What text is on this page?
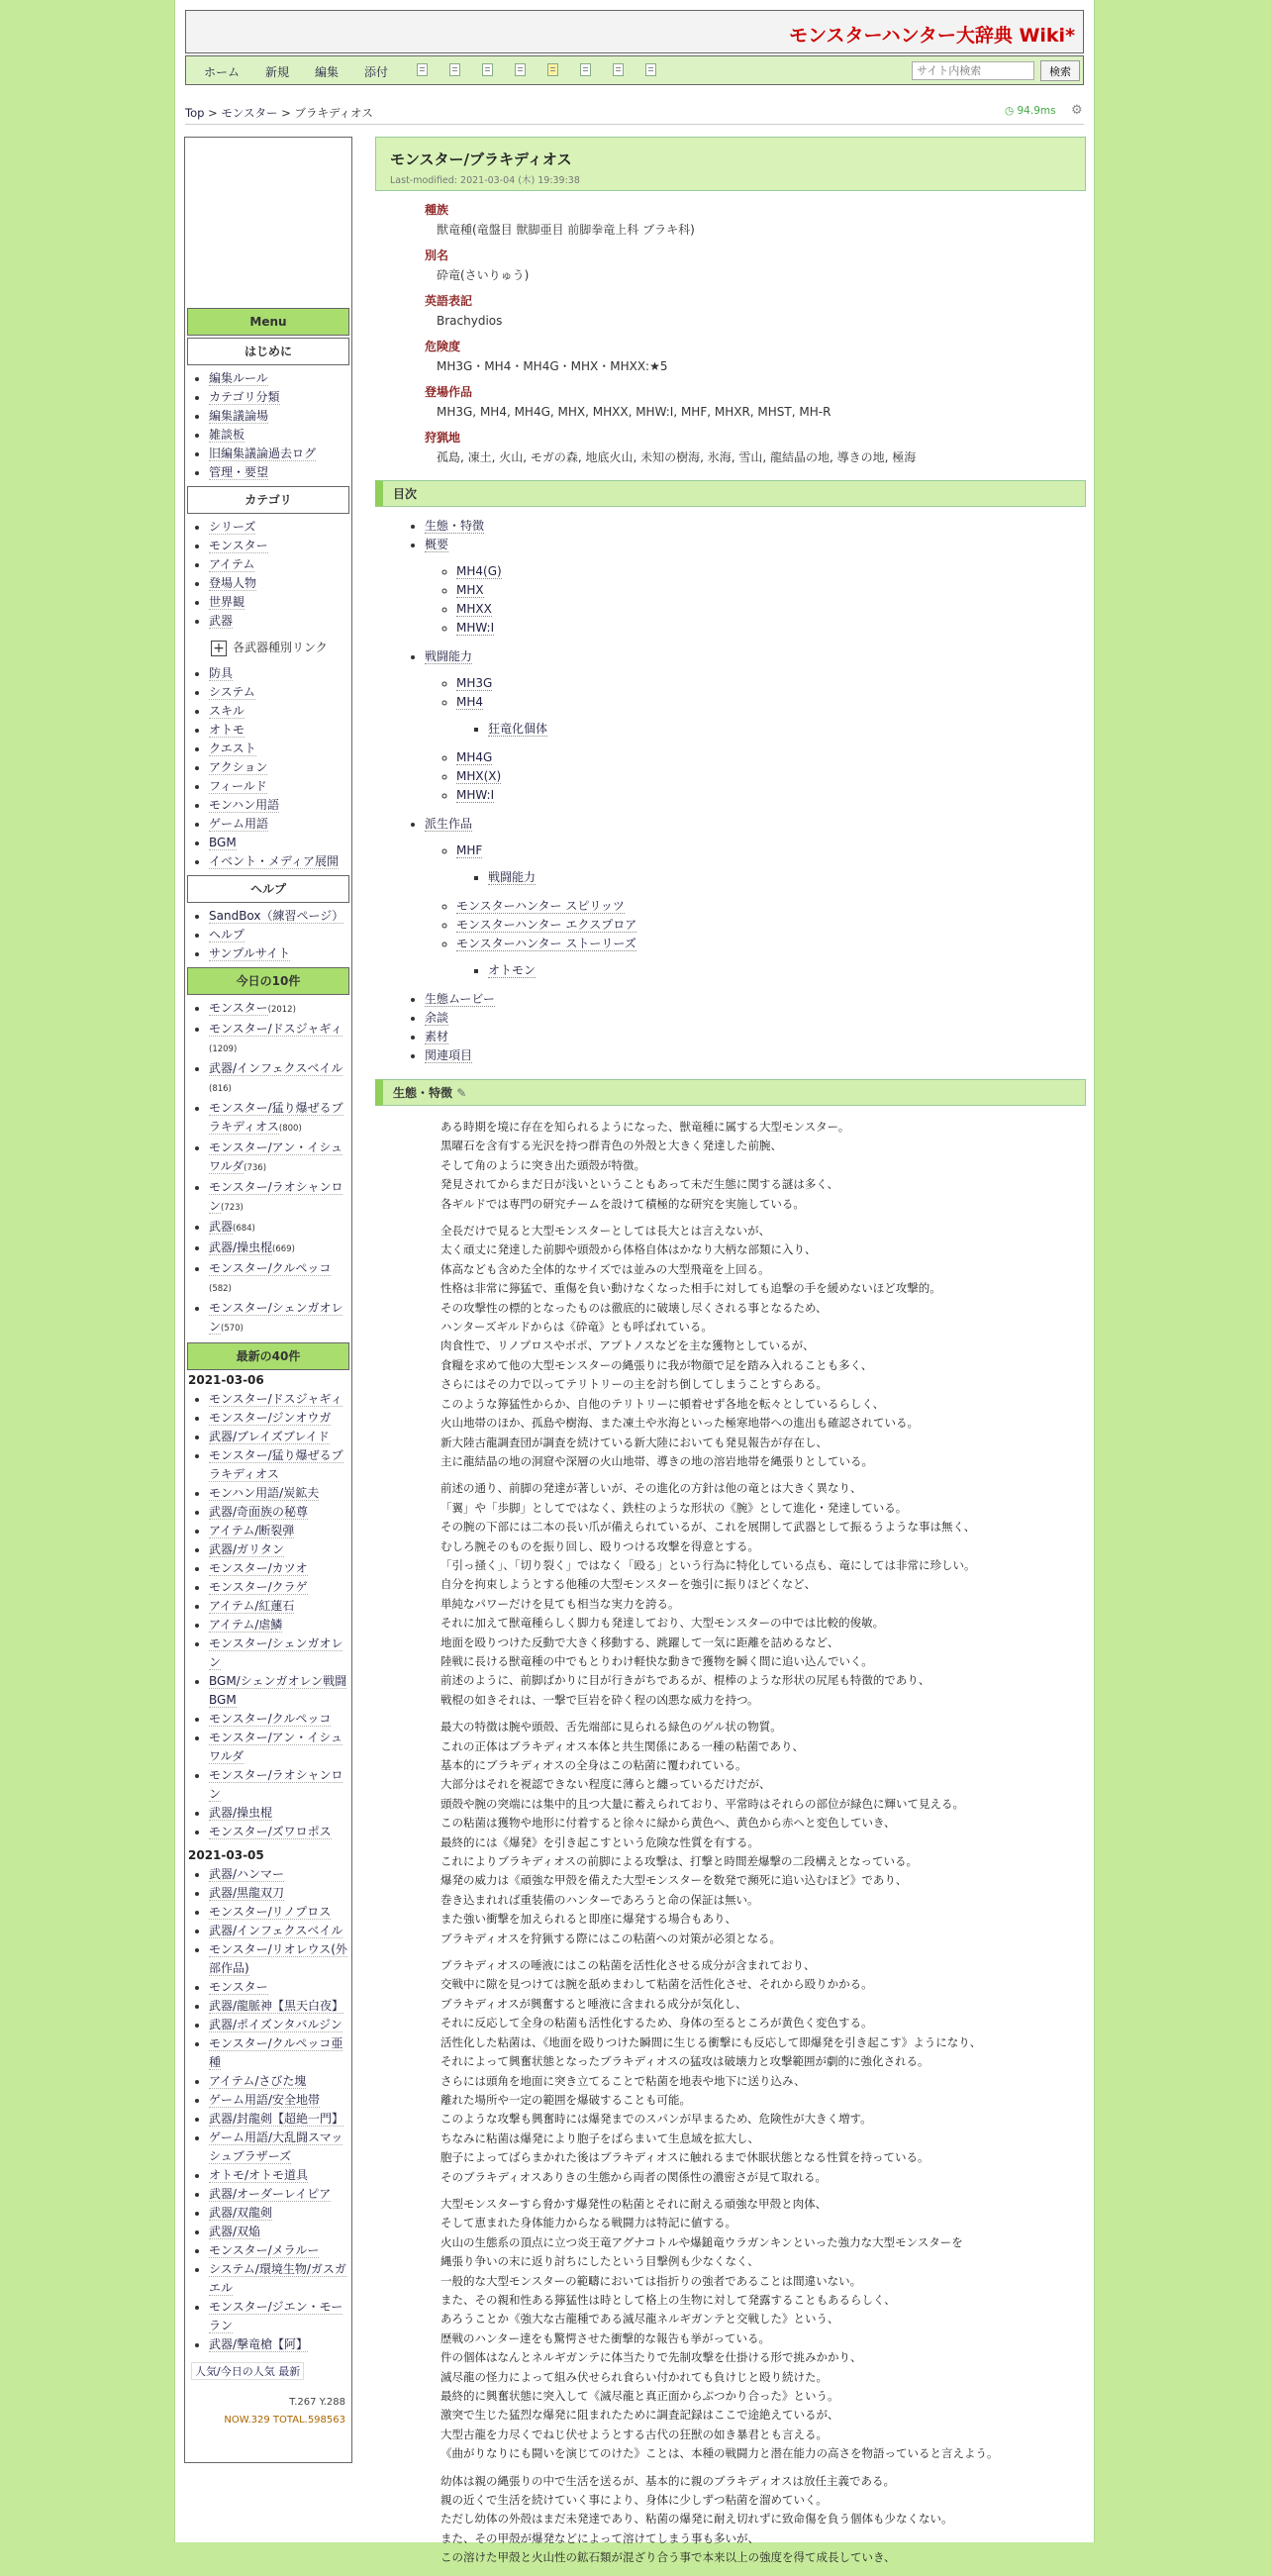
モンスターハンター大辞典 Wiki*
ホーム 新規 編集 添付
サイト内検索	検索
Top > モンスター > ブラキディオス	◷ 94.9ms ⚙
Menu
はじめに
• 編集ルール
• カテゴリ分類
• 編集議論場
• 雑談板
• 旧編集議論過去ログ
• 管理・要望
カテゴリ
• シリーズ
• モンスター
• アイテム
• 登場人物
• 世界観
• 武器
+ 各武器種別リンク
• 防具
• システム
• スキル
• オトモ
• クエスト
• アクション
• フィールド
• モンハン用語
• ゲーム用語
• BGM
• イベント・メディア展開
ヘルプ
• SandBox（練習ページ）
• ヘルプ
• サンプルサイト
今日の10件
• モンスター(2012)
• モンスター/ドスジャギィ(1209)
• 武器/インフェクスベイル(816)
• モンスター/猛り爆ぜるブラキディオス(800)
• モンスター/アン・イシュワルダ(736)
• モンスター/ラオシャンロン(723)
• 武器(684)
• 武器/操虫棍(669)
• モンスター/クルペッコ(582)
• モンスター/シェンガオレン(570)
最新の40件
2021-03-06
• モンスター/ドスジャギィ
• モンスター/ジンオウガ
• 武器/ブレイズブレイド
• モンスター/猛り爆ぜるブラキディオス
• モンハン用語/炭鉱夫
• 武器/奇面族の秘尊
• アイテム/断裂弾
• 武器/ガリタン
• モンスター/カツオ
• モンスター/クラゲ
• アイテム/紅蓮石
• アイテム/虐鱗
• モンスター/シェンガオレン
• BGM/シェンガオレン戦闘BGM
• モンスター/クルペッコ
• モンスター/アン・イシュワルダ
• モンスター/ラオシャンロン
• 武器/操虫棍
• モンスター/ズワロポス
2021-03-05
• 武器/ハンマー
• 武器/黒龍双刀
• モンスター/リノプロス
• 武器/インフェクスベイル
• モンスター/リオレウス(外部作品)
• モンスター
• 武器/龍脈神【黒天白夜】
• 武器/ポイズンタバルジン
• モンスター/クルペッコ亜種
• アイテム/さびた塊
• ゲーム用語/安全地帯
• 武器/封龍剣【超絶一門】
• ゲーム用語/大乱闘スマッシュブラザーズ
• オトモ/オトモ道具
• 武器/オーダーレイピア
• 武器/双龍剣
• 武器/双焔
• モンスター/メラルー
• システム/環境生物/ガスガエル
• モンスター/ジエン・モーラン
• 武器/撃竜槍【阿】
人気/今日の人気 最新
T.267 Y.288
NOW.329 TOTAL.598563
モンスター/ブラキディオス
Last-modified: 2021-03-04 (木) 19:39:38
種族
獣竜種(竜盤目 獣脚亜目 前脚拳竜上科 ブラキ科)
別名
砕竜(さいりゅう)
英語表記
Brachydios
危険度
MH3G・MH4・MH4G・MHX・MHXX:★5
登場作品
MH3G, MH4, MH4G, MHX, MHXX, MHW:I, MHF, MHXR, MHST, MH-R
狩猟地
孤島, 凍土, 火山, モガの森, 地底火山, 未知の樹海, 氷海, 雪山, 龍結晶の地, 導きの地, 極海
目次
• 生態・特徴
• 概要
◦ MH4(G)
◦ MHX
◦ MHXX
◦ MHW:I
• 戦闘能力
◦ MH3G
◦ MH4
▪ 狂竜化個体
◦ MH4G
◦ MHX(X)
◦ MHW:I
• 派生作品
◦ MHF
▪ 戦闘能力
◦ モンスターハンター スピリッツ
◦ モンスターハンター エクスプロア
◦ モンスターハンター ストーリーズ
▪ オトモン
• 生態ムービー
• 余談
• 素材
• 関連項目
生態・特徴 ✎

ある時期を境に存在を知られるようになった、獣竜種に属する大型モンスター。
黒曜石を含有する光沢を持つ群青色の外殻と大きく発達した前腕、
そして角のように突き出た頭殻が特徴。
発見されてからまだ日が浅いということもあって未だ生態に関する謎は多く、
各ギルドでは専門の研究チームを設けて積極的な研究を実施している。

全長だけで見ると大型モンスターとしては長大とは言えないが、
太く頑丈に発達した前脚や頭殻から体格自体はかなり大柄な部類に入り、
体高なども含めた全体的なサイズでは並みの大型飛竜を上回る。
性格は非常に獰猛で、重傷を負い動けなくなった相手に対しても追撃の手を緩めないほど攻撃的。
その攻撃性の標的となったものは徹底的に破壊し尽くされる事となるため、
ハンターズギルドからは《砕竜》とも呼ばれている。
肉食性で、リノプロスやポポ、アプトノスなどを主な獲物としているが、
食糧を求めて他の大型モンスターの縄張りに我が物顔で足を踏み入れることも多く、
さらにはその力で以ってテリトリーの主を討ち倒してしまうことすらある。
このような獰猛性からか、自他のテリトリーに頓着せず各地を転々としているらしく、
火山地帯のほか、孤島や樹海、また凍土や氷海といった極寒地帯への進出も確認されている。
新大陸古龍調査団が調査を続けている新大陸においても発見報告が存在し、
主に龍結晶の地の洞窟や深層の火山地帯、導きの地の溶岩地帯を縄張りとしている。

前述の通り、前脚の発達が著しいが、その進化の方針は他の竜とは大きく異なり、
「翼」や「歩脚」としてではなく、鉄柱のような形状の《腕》として進化・発達している。
その腕の下部には二本の長い爪が備えられているが、これを展開して武器として振るうような事は無く、
むしろ腕そのものを振り回し、殴りつける攻撃を得意とする。
「引っ掻く」、「切り裂く」ではなく「殴る」という行為に特化している点も、竜にしては非常に珍しい。
自分を拘束しようとする他種の大型モンスターを強引に振りほどくなど、
単純なパワーだけを見ても相当な実力を誇る。
それに加えて獣竜種らしく脚力も発達しており、大型モンスターの中では比較的俊敏。
地面を殴りつけた反動で大きく移動する、跳躍して一気に距離を詰めるなど、
陸戦に長ける獣竜種の中でもとりわけ軽快な動きで獲物を瞬く間に追い込んでいく。
前述のように、前脚ばかりに目が行きがちであるが、棍棒のような形状の尻尾も特徴的であり、
戦棍の如きそれは、一撃で巨岩を砕く程の凶悪な威力を持つ。

最大の特徴は腕や頭殻、舌先端部に見られる緑色のゲル状の物質。
これの正体はブラキディオス本体と共生関係にある一種の粘菌であり、
基本的にブラキディオスの全身はこの粘菌に覆われている。
大部分はそれを視認できない程度に薄らと纏っているだけだが、
頭殻や腕の突端には集中的且つ大量に蓄えられており、平常時はそれらの部位が緑色に輝いて見える。
この粘菌は獲物や地形に付着すると徐々に緑から黄色へ、黄色から赤へと変色していき、
最終的には《爆発》を引き起こすという危険な性質を有する。
これによりブラキディオスの前脚による攻撃は、打撃と時間差爆撃の二段構えとなっている。
爆発の威力は《頑強な甲殻を備えた大型モンスターを数発で瀕死に追い込むほど》であり、
巻き込まれれば重装備のハンターであろうと命の保証は無い。
また強い衝撃を加えられると即座に爆発する場合もあり、
ブラキディオスを狩猟する際にはこの粘菌への対策が必須となる。

ブラキディオスの唾液にはこの粘菌を活性化させる成分が含まれており、
交戦中に隙を見つけては腕を舐めまわして粘菌を活性化させ、それから殴りかかる。
ブラキディオスが興奮すると唾液に含まれる成分が気化し、
それに反応して全身の粘菌も活性化するため、身体の至るところが黄色く変色する。
活性化した粘菌は、《地面を殴りつけた瞬間に生じる衝撃にも反応して即爆発を引き起こす》ようになり、
それによって興奮状態となったブラキディオスの猛攻は破壊力と攻撃範囲が劇的に強化される。
さらには頭角を地面に突き立てることで粘菌を地表や地下に送り込み、
離れた場所や一定の範囲を爆破することも可能。
このような攻撃も興奮時には爆発までのスパンが早まるため、危険性が大きく増す。
ちなみに粘菌は爆発により胞子をばらまいて生息域を拡大し、
胞子によってばらまかれた後はブラキディオスに触れるまで休眠状態となる性質を持っている。
そのブラキディオスありきの生態から両者の関係性の濃密さが見て取れる。

大型モンスターすら脅かす爆発性の粘菌とそれに耐える頑強な甲殻と肉体、
そして恵まれた身体能力からなる戦闘力は特記に値する。
火山の生態系の頂点に立つ炎王竜アグナコトルや爆鎚竜ウラガンキンといった強力な大型モンスターを
縄張り争いの末に返り討ちにしたという目撃例も少なくなく、
一般的な大型モンスターの範疇においては指折りの強者であることは間違いない。
また、その親和性ある獰猛性は時として格上の生物に対して発露することもあるらしく、
あろうことか《強大な古龍種である滅尽龍ネルギガンテと交戦した》という、
歴戦のハンター達をも驚愕させた衝撃的な報告も挙がっている。
件の個体はなんとネルギガンテに体当たりで先制攻撃を仕掛ける形で挑みかかり、
滅尽龍の怪力によって組み伏せられ食らい付かれても負けじと殴り続けた。
最終的に興奮状態に突入して《滅尽龍と真正面からぶつかり合った》という。
激突で生じた猛烈な爆発に阻まれたために調査記録はここで途絶えているが、
大型古龍を力尽くでねじ伏せようとする古代の狂獣の如き暴君とも言える。
《曲がりなりにも闘いを演じてのけた》ことは、本種の戦闘力と潜在能力の高さを物語っていると言えよう。

幼体は親の縄張りの中で生活を送るが、基本的に親のブラキディオスは放任主義である。
親の近くで生活を続けていく事により、身体に少しずつ粘菌を溜めていく。
ただし幼体の外殻はまだ未発達であり、粘菌の爆発に耐え切れずに致命傷を負う個体も少なくない。
また、その甲殻が爆発などによって溶けてしまう事も多いが、
この溶けた甲殻と火山性の鉱石類が混ざり合う事で本来以上の強度を得て成長していき、
